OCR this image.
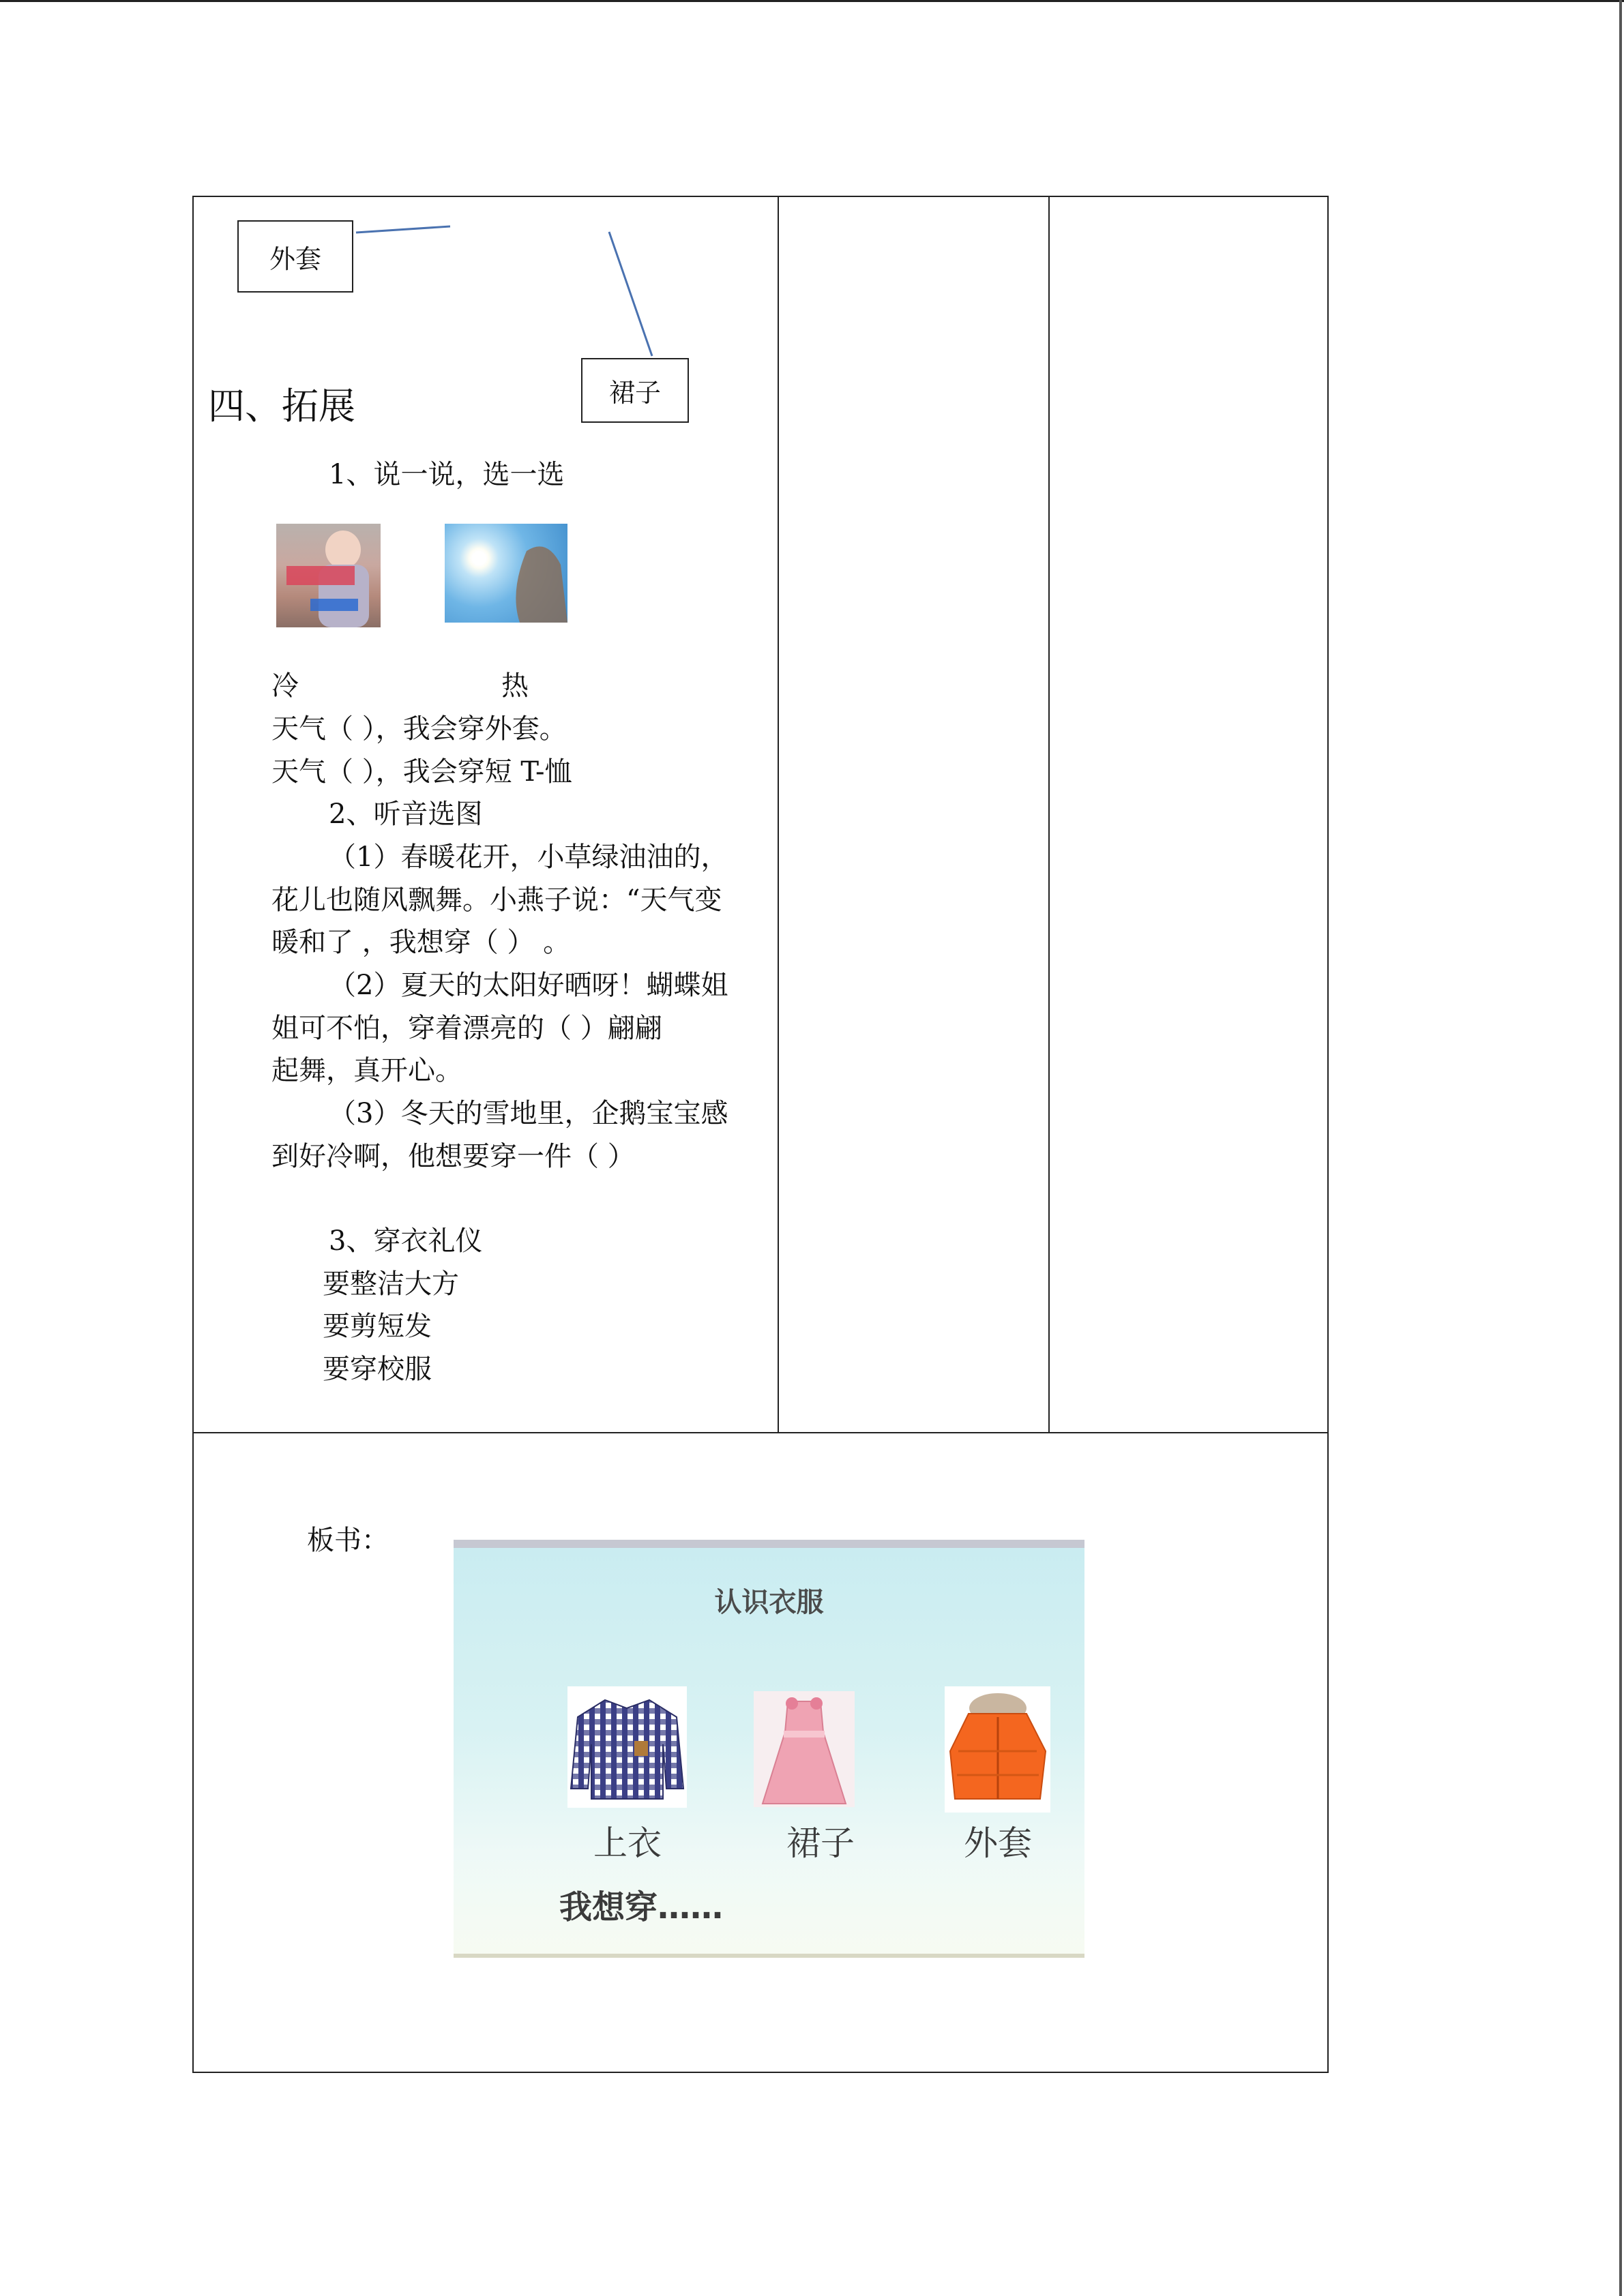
外套
裙子
四、拓展
1、说一说，选一选
冷	热
天气（ ），我会穿外套。
天气（ ），我会穿短 T-恤
2、听音选图
（1）春暖花开，小草绿油油的，
花儿也随风飘舞。小燕子说：“天气变
暖和了 ，我想穿（ ） 。
（2）夏天的太阳好晒呀！蝴蝶姐
姐可不怕，穿着漂亮的（ ）翩翩
起舞，真开心。
（3）冬天的雪地里，企鹅宝宝感
到好冷啊，他想要穿一件（ ）
3、穿衣礼仪
要整洁大方
要剪短发
要穿校服
板书：
认识衣服
上衣	裙子	外套
我想穿……
